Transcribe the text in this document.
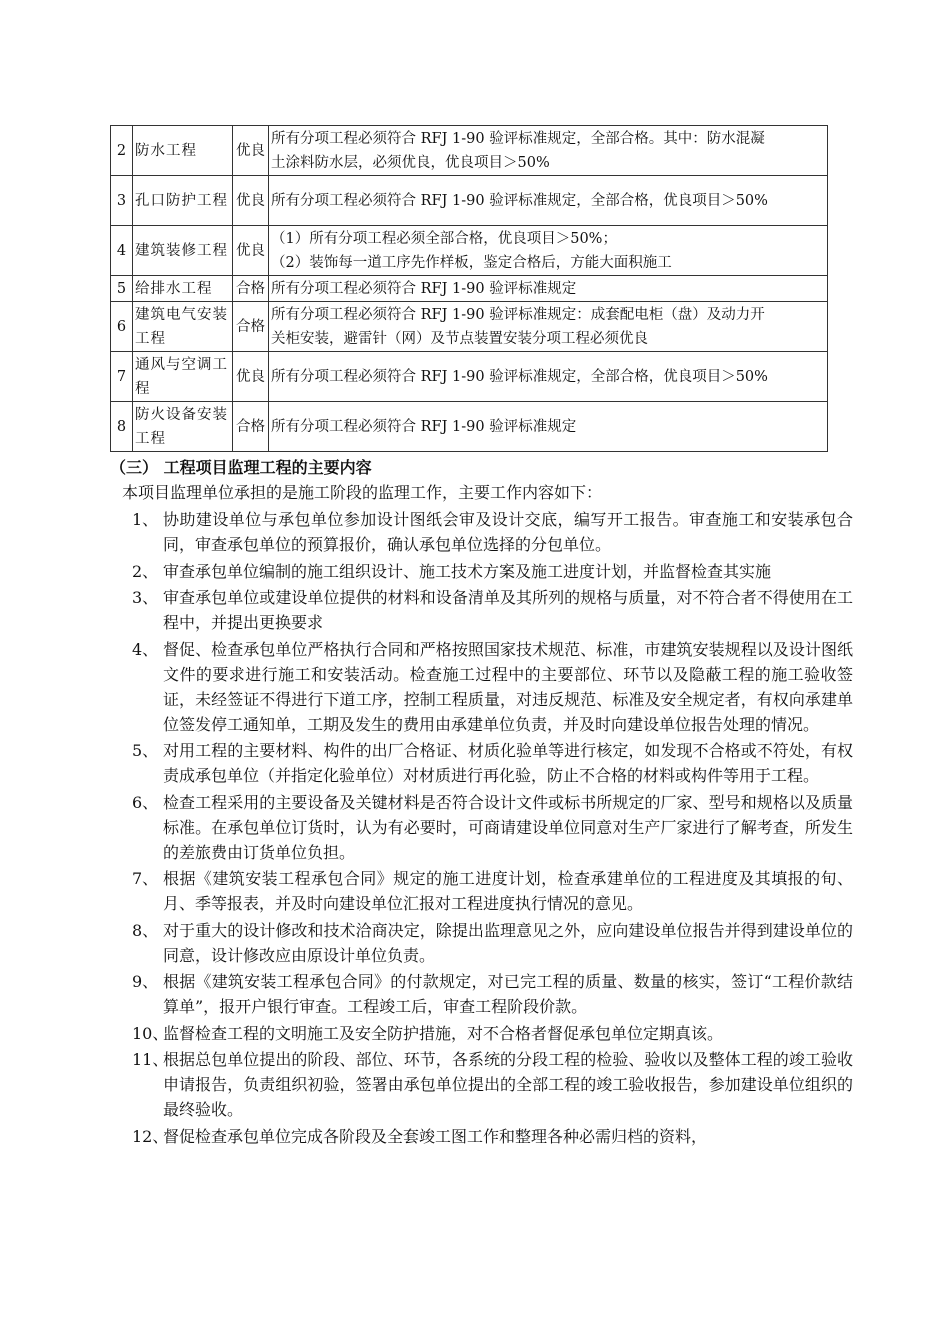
2	防水工程	优良	所有分项工程必须符合 RFJ 1-90 验评标准规定，全部合格。其中：防水混凝
土涂料防水层，必须优良，优良项目＞50%

3	孔口防护工程	优良	所有分项工程必须符合 RFJ 1-90 验评标准规定，全部合格，优良项目＞50%

4	建筑装修工程	优良	（1）所有分项工程必须全部合格，优良项目＞50%；
（2）装饰每一道工序先作样板，鉴定合格后，方能大面积施工

5	给排水工程	合格	所有分项工程必须符合 RFJ 1-90 验评标准规定

6	建筑电气安装工程	合格	所有分项工程必须符合 RFJ 1-90 验评标准规定：成套配电柜（盘）及动力开
关柜安装，避雷针（网）及节点装置安装分项工程必须优良

7	通风与空调工程	优良	所有分项工程必须符合 RFJ 1-90 验评标准规定，全部合格，优良项目＞50%

8	防火设备安装工程	合格	所有分项工程必须符合 RFJ 1-90 验评标准规定
（三） 工程项目监理工程的主要内容
本项目监理单位承担的是施工阶段的监理工作，主要工作内容如下：
1、 协助建设单位与承包单位参加设计图纸会审及设计交底，编写开工报告。审查施工和安装承包合同，审查承包单位的预算报价，确认承包单位选择的分包单位。
2、 审查承包单位编制的施工组织设计、施工技术方案及施工进度计划，并监督检查其实施
3、 审查承包单位或建设单位提供的材料和设备清单及其所列的规格与质量，对不符合者不得使用在工程中，并提出更换要求
4、 督促、检查承包单位严格执行合同和严格按照国家技术规范、标准，市建筑安装规程以及设计图纸文件的要求进行施工和安装活动。检查施工过程中的主要部位、环节以及隐蔽工程的施工验收签证，未经签证不得进行下道工序，控制工程质量，对违反规范、标准及安全规定者，有权向承建单位签发停工通知单，工期及发生的费用由承建单位负责，并及时向建设单位报告处理的情况。
5、 对用工程的主要材料、构件的出厂合格证、材质化验单等进行核定，如发现不合格或不符处，有权责成承包单位（并指定化验单位）对材质进行再化验，防止不合格的材料或构件等用于工程。
6、 检查工程采用的主要设备及关键材料是否符合设计文件或标书所规定的厂家、型号和规格以及质量标准。在承包单位订货时，认为有必要时，可商请建设单位同意对生产厂家进行了解考查，所发生的差旅费由订货单位负担。
7、 根据《建筑安装工程承包合同》规定的施工进度计划，检查承建单位的工程进度及其填报的旬、月、季等报表，并及时向建设单位汇报对工程进度执行情况的意见。
8、 对于重大的设计修改和技术洽商决定，除提出监理意见之外，应向建设单位报告并得到建设单位的同意，设计修改应由原设计单位负责。
9、 根据《建筑安装工程承包合同》的付款规定，对已完工程的质量、数量的核实，签订“工程价款结算单”，报开户银行审查。工程竣工后，审查工程阶段价款。
10、
监督检查工程的文明施工及安全防护措施，对不合格者督促承包单位定期真该。
11、
根据总包单位提出的阶段、部位、环节，各系统的分段工程的检验、验收以及整体工程的竣工验收申请报告，负责组织初验，签署由承包单位提出的全部工程的竣工验收报告，参加建设单位组织的最终验收。
12、
督促检查承包单位完成各阶段及全套竣工图工作和整理各种必需归档的资料，
